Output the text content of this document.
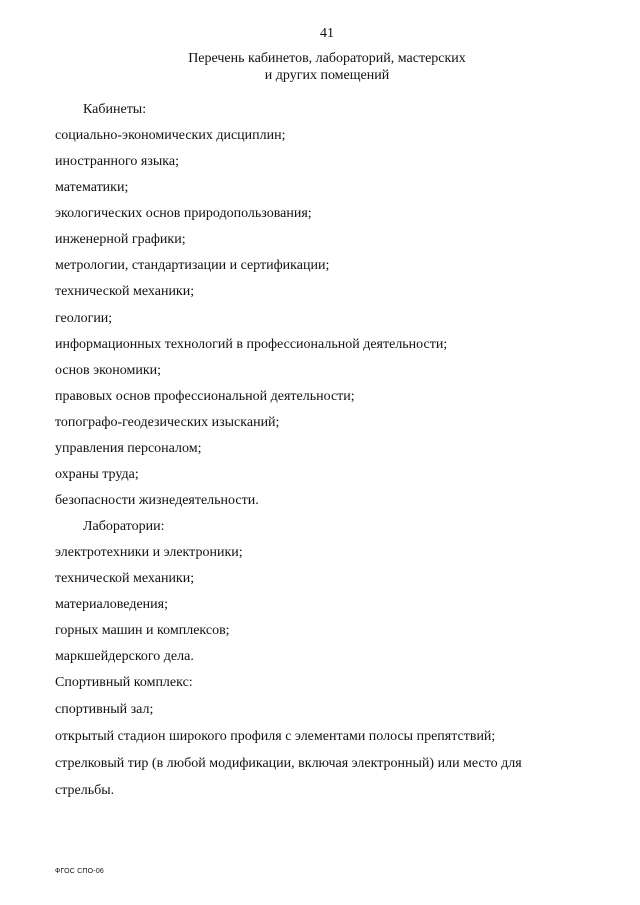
41
Перечень кабинетов, лабораторий, мастерских
и других помещений
Кабинеты:
социально-экономических дисциплин;
иностранного языка;
математики;
экологических основ природопользования;
инженерной графики;
метрологии, стандартизации и сертификации;
технической механики;
геологии;
информационных технологий в профессиональной деятельности;
основ экономики;
правовых основ профессиональной деятельности;
топографо-геодезических изысканий;
управления персоналом;
охраны труда;
безопасности жизнедеятельности.
Лаборатории:
электротехники и электроники;
технической механики;
материаловедения;
горных машин и комплексов;
маркшейдерского дела.
Спортивный комплекс:
спортивный зал;
открытый стадион широкого профиля с элементами полосы препятствий;
стрелковый тир (в любой модификации, включая электронный) или место для
стрельбы.
ФГОС СПО-06
